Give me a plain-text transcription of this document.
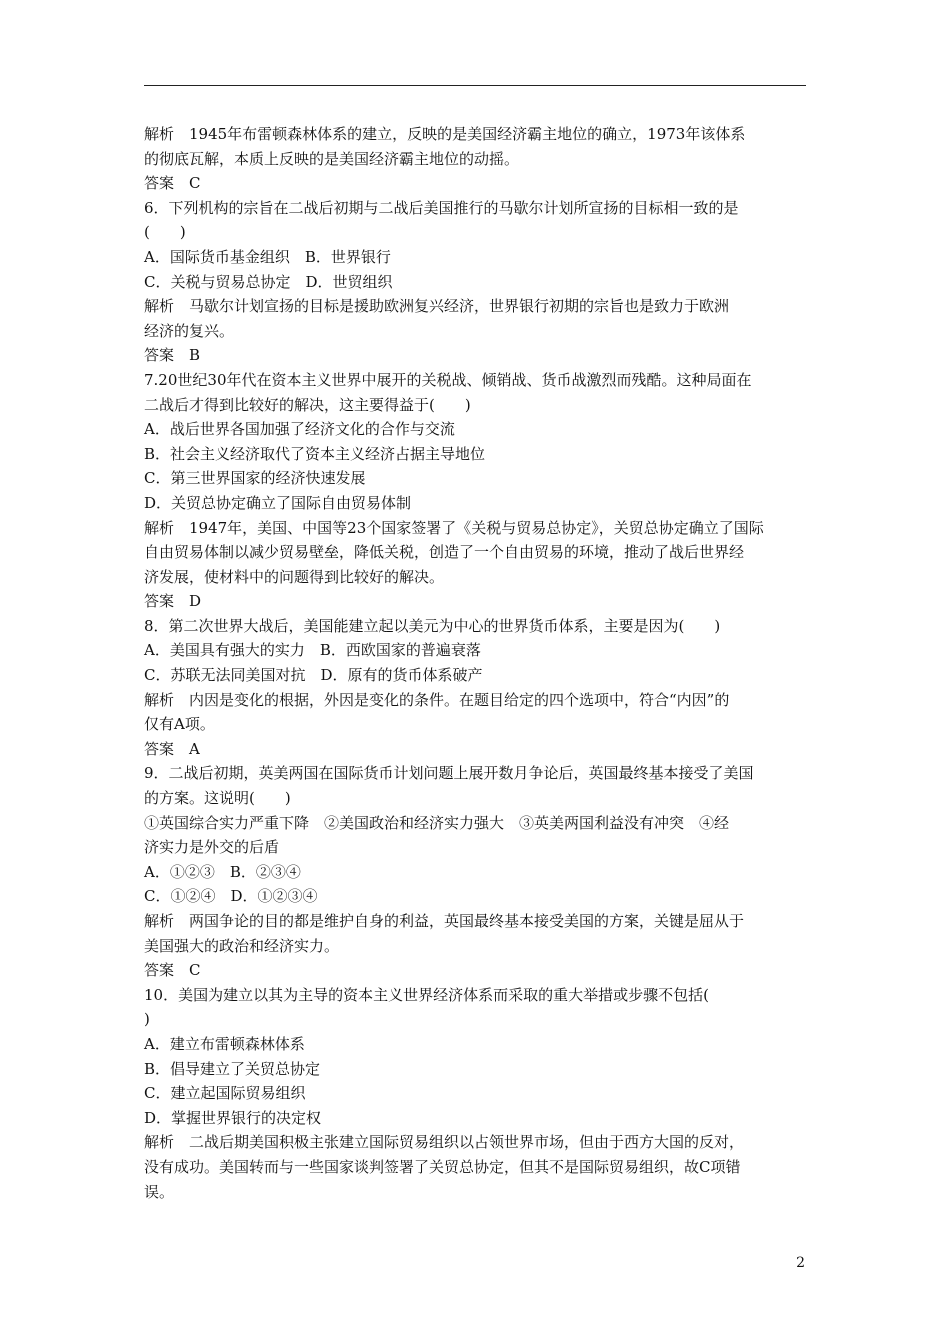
解析　1945年布雷顿森林体系的建立，反映的是美国经济霸主地位的确立，1973年该体系
的彻底瓦解，本质上反映的是美国经济霸主地位的动摇。
答案　C
6．下列机构的宗旨在二战后初期与二战后美国推行的马歇尔计划所宣扬的目标相一致的是
(　　)
A．国际货币基金组织　B．世界银行
C．关税与贸易总协定　D．世贸组织
解析　马歇尔计划宣扬的目标是援助欧洲复兴经济，世界银行初期的宗旨也是致力于欧洲
经济的复兴。
答案　B
7.20世纪30年代在资本主义世界中展开的关税战、倾销战、货币战激烈而残酷。这种局面在
二战后才得到比较好的解决，这主要得益于(　　)
A．战后世界各国加强了经济文化的合作与交流
B．社会主义经济取代了资本主义经济占据主导地位
C．第三世界国家的经济快速发展
D．关贸总协定确立了国际自由贸易体制
解析　1947年，美国、中国等23个国家签署了《关税与贸易总协定》，关贸总协定确立了国际
自由贸易体制以减少贸易壁垒，降低关税，创造了一个自由贸易的环境，推动了战后世界经
济发展，使材料中的问题得到比较好的解决。
答案　D
8．第二次世界大战后，美国能建立起以美元为中心的世界货币体系，主要是因为(　　)
A．美国具有强大的实力　B．西欧国家的普遍衰落
C．苏联无法同美国对抗　D．原有的货币体系破产
解析　内因是变化的根据，外因是变化的条件。在题目给定的四个选项中，符合“内因”的
仅有A项。
答案　A
9．二战后初期，英美两国在国际货币计划问题上展开数月争论后，英国最终基本接受了美国
的方案。这说明(　　)
①英国综合实力严重下降　②美国政治和经济实力强大　③英美两国利益没有冲突　④经
济实力是外交的后盾
A．①②③　B．②③④
C．①②④　D．①②③④
解析　两国争论的目的都是维护自身的利益，英国最终基本接受美国的方案，关键是屈从于
美国强大的政治和经济实力。
答案　C
10．美国为建立以其为主导的资本主义世界经济体系而采取的重大举措或步骤不包括(
)
A．建立布雷顿森林体系
B．倡导建立了关贸总协定
C．建立起国际贸易组织
D．掌握世界银行的决定权
解析　二战后期美国积极主张建立国际贸易组织以占领世界市场，但由于西方大国的反对，
没有成功。美国转而与一些国家谈判签署了关贸总协定，但其不是国际贸易组织，故C项错
误。
2
